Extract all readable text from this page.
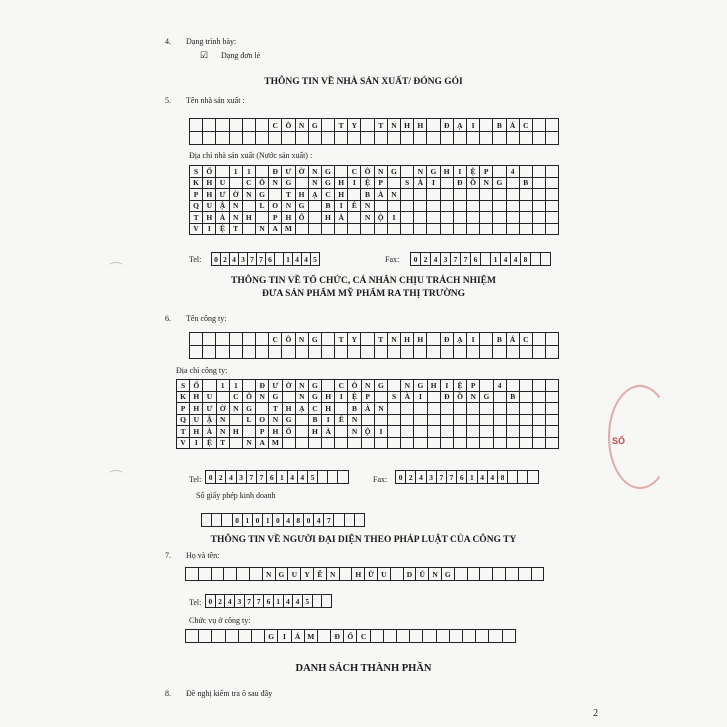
4. Dạng trình bày:
☑ Dạng đơn lẻ
THÔNG TIN VỀ NHÀ SẢN XUẤT/ ĐÓNG GÓI
5. Tên nhà sản xuất :
C	Ô	N	G	T	Y	T	N	H H	Đ	Ạ	I	B	Á	C
Địa chỉ nhà sản xuất (Nước sản xuất) :
S	Ố	1	1	Đ Ư Ờ	N	G	C	Ô	N	G	N	G H	I	Ệ	P	4
K H	U	C	Ô	N	G	N	G H	I	Ệ	P	S	À	I	Đ	Ồ	N	G	B
P	H Ư Ờ	N	G	T	H	Ạ	C	H	B	À	N
Q	U	Ậ	N	L	O	N	G	B	I	Ê	N
T	H	À	N	H	P	H Ố	H	À	N	Ộ	I
V	I	Ệ	T	N	A M
Tel:	0 2 4 3 7 7 6	1 4 4 5	Fax:	0 2 4 3 7 7 6	1 4 4 8
THÔNG TIN VỀ TỔ CHỨC, CÁ NHÂN CHỊU TRÁCH NHIỆM
ĐƯA SẢN PHẨM MỸ PHẨM RA THỊ TRƯỜNG
6. Tên công ty:
C	Ô	N	G	T	Y	T	N	H H	Đ	Ạ	I	B	Á	C
Địa chỉ công ty:
S	Ố	1	1	Đ Ư Ờ	N	G	C	Ô	N	G	N	G H	I	Ệ	P	4
K H	U	C	Ô	N	G	N	G H	I	Ệ	P	S	À	I	Đ	Ồ	N	G	B
P	H Ư Ờ	N	G	T	H	Ạ	C	H	B	À	N
Q	U	Ậ	N	L	O	N	G	B	I	Ê	N
T	H	À	N	H	P	H Ố	H	À	N	Ộ	I
V	I	Ệ	T	N	A M
Tel: 0 2 4 3 7 7 6 1 4 4 5	Fax:	0 2 4 3 7 7 6 1 4 4 8
Số giấy phép kinh doanh
0 1 0 1 0 4 8 0 4 7
THÔNG TIN VỀ NGƯỜI ĐẠI DIỆN THEO PHÁP LUẬT CỦA CÔNG TY
7. Họ và tên:
N G U Y	Ễ	N	H Ữ U	D Ũ N G
Tel: 0 2 4 3 7 7 6 1 4 4 5
Chức vụ ở công ty:
G	I	Á M	Đ	Ố	C
DANH SÁCH THÀNH PHẦN
8. Đề nghị kiểm tra ô sau đây
2
SỐ
